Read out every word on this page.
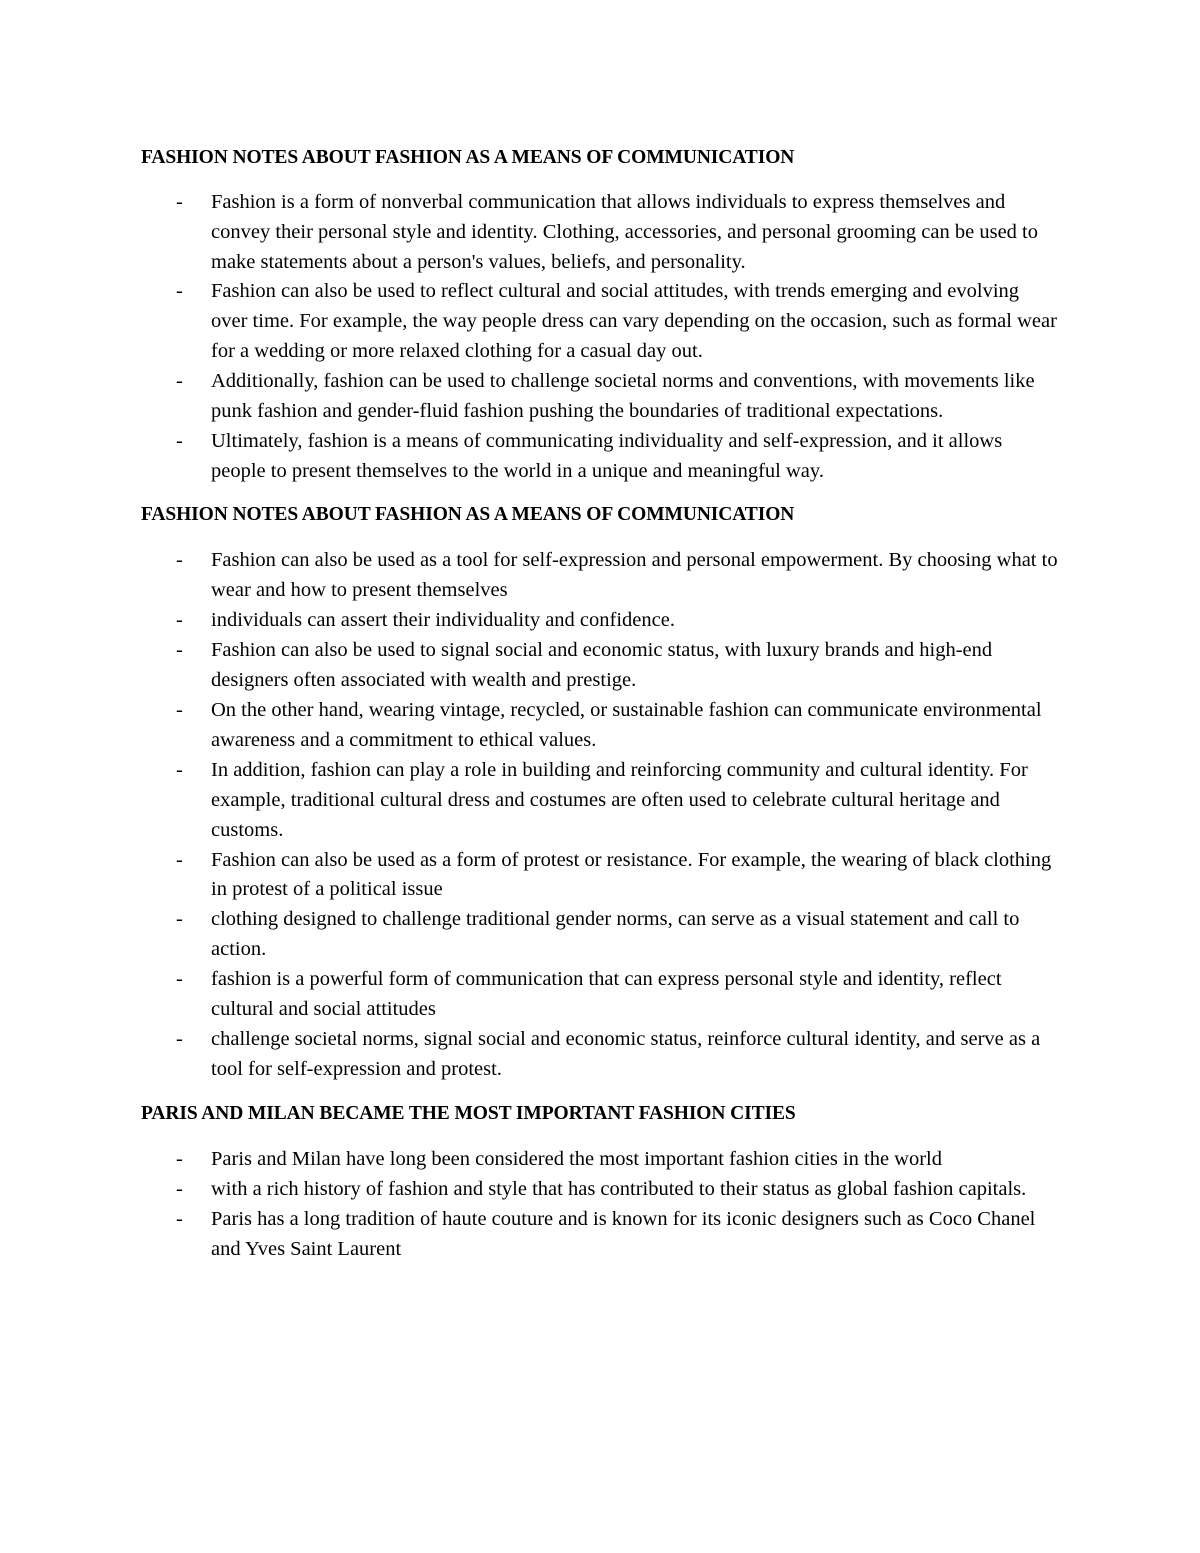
FASHION NOTES ABOUT FASHION AS A MEANS OF COMMUNICATION

- Fashion is a form of nonverbal communication that allows individuals to express themselves and convey their personal style and identity. Clothing, accessories, and personal grooming can be used to make statements about a person's values, beliefs, and personality.
- Fashion can also be used to reflect cultural and social attitudes, with trends emerging and evolving over time. For example, the way people dress can vary depending on the occasion, such as formal wear for a wedding or more relaxed clothing for a casual day out.
- Additionally, fashion can be used to challenge societal norms and conventions, with movements like punk fashion and gender-fluid fashion pushing the boundaries of traditional expectations.
- Ultimately, fashion is a means of communicating individuality and self-expression, and it allows people to present themselves to the world in a unique and meaningful way.

FASHION NOTES ABOUT FASHION AS A MEANS OF COMMUNICATION

- Fashion can also be used as a tool for self-expression and personal empowerment. By choosing what to wear and how to present themselves
- individuals can assert their individuality and confidence.
- Fashion can also be used to signal social and economic status, with luxury brands and high-end designers often associated with wealth and prestige.
- On the other hand, wearing vintage, recycled, or sustainable fashion can communicate environmental awareness and a commitment to ethical values.
- In addition, fashion can play a role in building and reinforcing community and cultural identity. For example, traditional cultural dress and costumes are often used to celebrate cultural heritage and customs.
- Fashion can also be used as a form of protest or resistance. For example, the wearing of black clothing in protest of a political issue
- clothing designed to challenge traditional gender norms, can serve as a visual statement and call to action.
- fashion is a powerful form of communication that can express personal style and identity, reflect cultural and social attitudes
- challenge societal norms, signal social and economic status, reinforce cultural identity, and serve as a tool for self-expression and protest.

PARIS AND MILAN BECAME THE MOST IMPORTANT FASHION CITIES

- Paris and Milan have long been considered the most important fashion cities in the world
- with a rich history of fashion and style that has contributed to their status as global fashion capitals.
- Paris has a long tradition of haute couture and is known for its iconic designers such as Coco Chanel and Yves Saint Laurent
